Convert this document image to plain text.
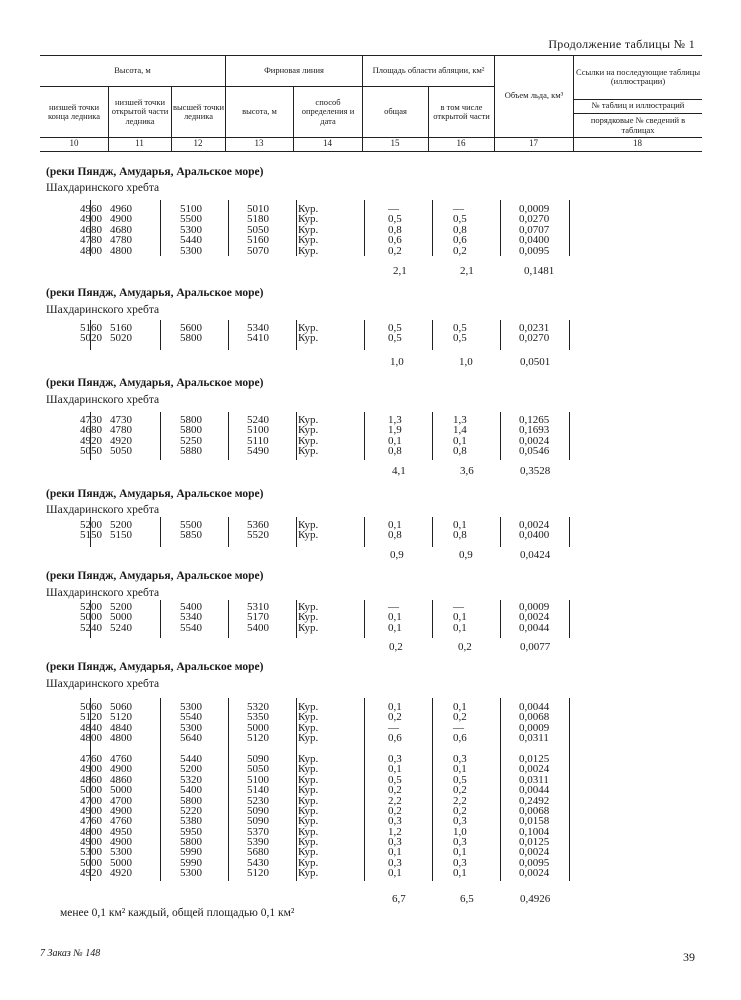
Продолжение таблицы № 1
Высота, м
низшей точки конца ледника
низшей точки открытой части ледника
высшей точки ледника
Фирновая линия
высота, м
способ определения и дата
Площадь области абляции, км²
общая	в том числе открытой части
Объем льда, км³
Ссылки на последующие таблицы (иллюстрации)
№ таблиц и иллюстраций
порядковые № сведений в таблицах
10	11	12	13	14	15	16	17	18
(реки Пяндж, Амударья, Аральское море)
Шахдаринского хребта
4960 4960	5100	5010	Кур.	—	—	0,0009
4900 4900	5500	5180	Кур.	0,5	0,5	0,0270
4680 4680	5300	5050	Кур.	0,8	0,8	0,0707
4780 4780	5440	5160	Кур.	0,6	0,6	0,0400
4800 4800	5300	5070	Кур.	0,2	0,2	0,0095
2,1	2,1	0,1481
(реки Пяндж, Амударья, Аральское море)
Шахдаринского хребта
5160 5160	5600	5340	Кур.	0,5	0,5	0,0231
5020 5020	5800	5410	Кур.	0,5	0,5	0,0270
1,0	1,0	0,0501
(реки Пяндж, Амударья, Аральское море)
Шахдаринского хребта
4730 4730	5800	5240	Кур.	1,3	1,3	0,1265
4680 4780	5800	5100	Кур.	1,9	1,4	0,1693
4920 4920	5250	5110	Кур.	0,1	0,1	0,0024
5050 5050	5880	5490	Кур.	0,8	0,8	0,0546
4,1	3,6	0,3528
(реки Пяндж, Амударья, Аральское море)
Шахдаринского хребта
5200 5200	5500	5360	Кур.	0,1	0,1	0,0024
5150 5150	5850	5520	Кур.	0,8	0,8	0,0400
0,9	0,9	0,0424
(реки Пяндж, Амударья, Аральское море)
Шахдаринского хребта
5200 5200	5400	5310	Кур.	—	—	0,0009
5000 5000	5340	5170	Кур.	0,1	0,1	0,0024
5240 5240	5540	5400	Кур.	0,1	0,1	0,0044
0,2	0,2	0,0077
(реки Пяндж, Амударья, Аральское море)
Шахдаринского хребта
5060 5060	5300	5320	Кур.	0,1	0,1	0,0044
5120 5120	5540	5350	Кур.	0,2	0,2	0,0068
4840 4840	5300	5000	Кур.	—	—	0,0009
4800 4800	5640	5120	Кур.	0,6	0,6	0,0311
4760 4760	5440	5090	Кур.	0,3	0,3	0,0125
4900 4900	5200	5050	Кур.	0,1	0,1	0,0024
4860 4860	5320	5100	Кур.	0,5	0,5	0,0311
5000 5000	5400	5140	Кур.	0,2	0,2	0,0044
4700 4700	5800	5230	Кур.	2,2	2,2	0,2492
4900 4900	5220	5090	Кур.	0,2	0,2	0,0068
4760 4760	5380	5090	Кур.	0,3	0,3	0,0158
4800 4950	5950	5370	Кур.	1,2	1,0	0,1004
4900 4900	5800	5390	Кур.	0,3	0,3	0,0125
5300 5300	5990	5680	Кур.	0,1	0,1	0,0024
5000 5000	5990	5430	Кур.	0,3	0,3	0,0095
4920 4920	5300	5120	Кур.	0,1	0,1	0,0024
6,7	6,5	0,4926
менее 0,1 км² каждый, общей площадью 0,1 км²
7 Заказ № 148	39
